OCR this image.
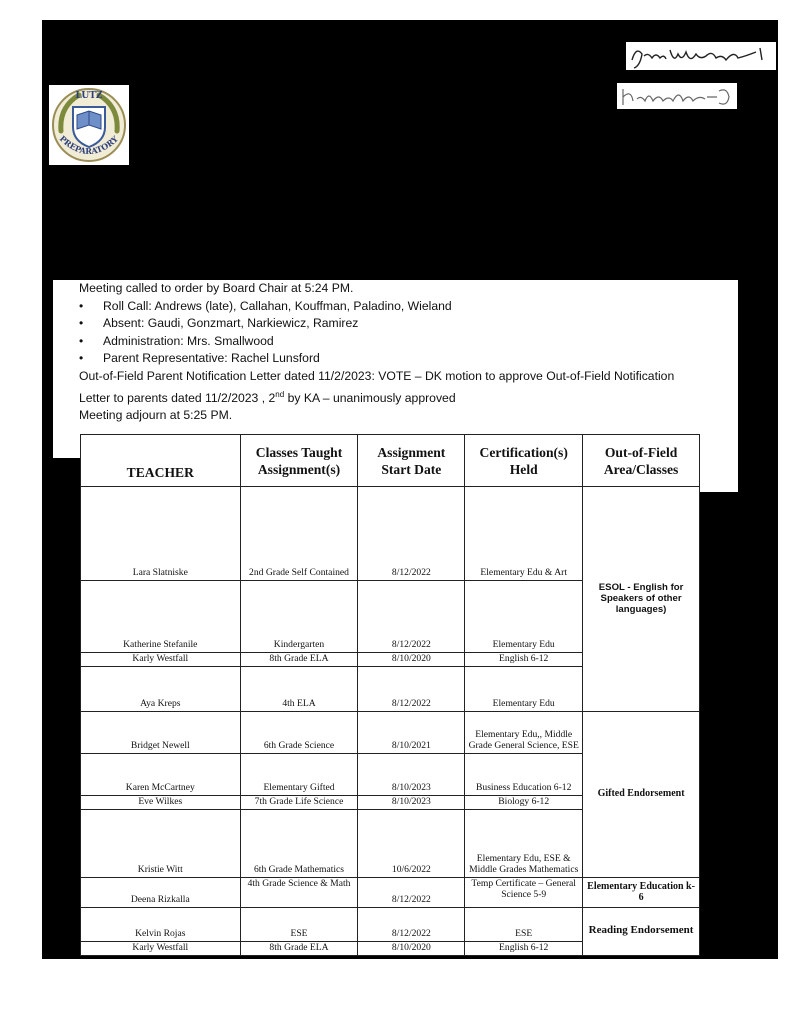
LUTZ
PREPARATORY

Meeting called to order by Board Chair at 5:24 PM.

• Roll Call: Andrews (late), Callahan, Kouffman, Paladino, Wieland
• Absent: Gaudi, Gonzmart, Narkiewicz, Ramirez
• Administration: Mrs. Smallwood
• Parent Representative: Rachel Lunsford

Out-of-Field Parent Notification Letter dated 11/2/2023: VOTE – DK motion to approve Out-of-Field Notification
Letter to parents dated 11/2/2023 , 2nd by KA – unanimously approved

Meeting adjourn at 5:25 PM.

TEACHER	Classes Taught Assignment(s)	Assignment Start Date	Certification(s) Held	Out-of-Field Area/Classes
Lara Slatniske	2nd Grade Self Contained	8/12/2022	Elementary Edu & Art	ESOL - English for Speakers of other languages)
Katherine Stefanile	Kindergarten	8/12/2022	Elementary Edu	
Karly Westfall	8th Grade ELA	8/10/2020	English 6-12	
Aya Kreps	4th ELA	8/12/2022	Elementary Edu	
Bridget Newell	6th Grade Science	8/10/2021	Elementary Edu,, Middle Grade General Science, ESE	Gifted Endorsement
Karen McCartney	Elementary Gifted	8/10/2023	Business Education 6-12	
Eve Wilkes	7th Grade Life Science	8/10/2023	Biology 6-12	
Kristie Witt	6th Grade Mathematics	10/6/2022	Elementary Edu, ESE & Middle Grades Mathematics	
Deena Rizkalla	4th Grade Science & Math	8/12/2022	Temp Certificate – General Science 5-9	Elementary Education k-6
Kelvin Rojas	ESE	8/12/2022	ESE	Reading Endorsement
Karly Westfall	8th Grade ELA	8/10/2020	English 6-12	
